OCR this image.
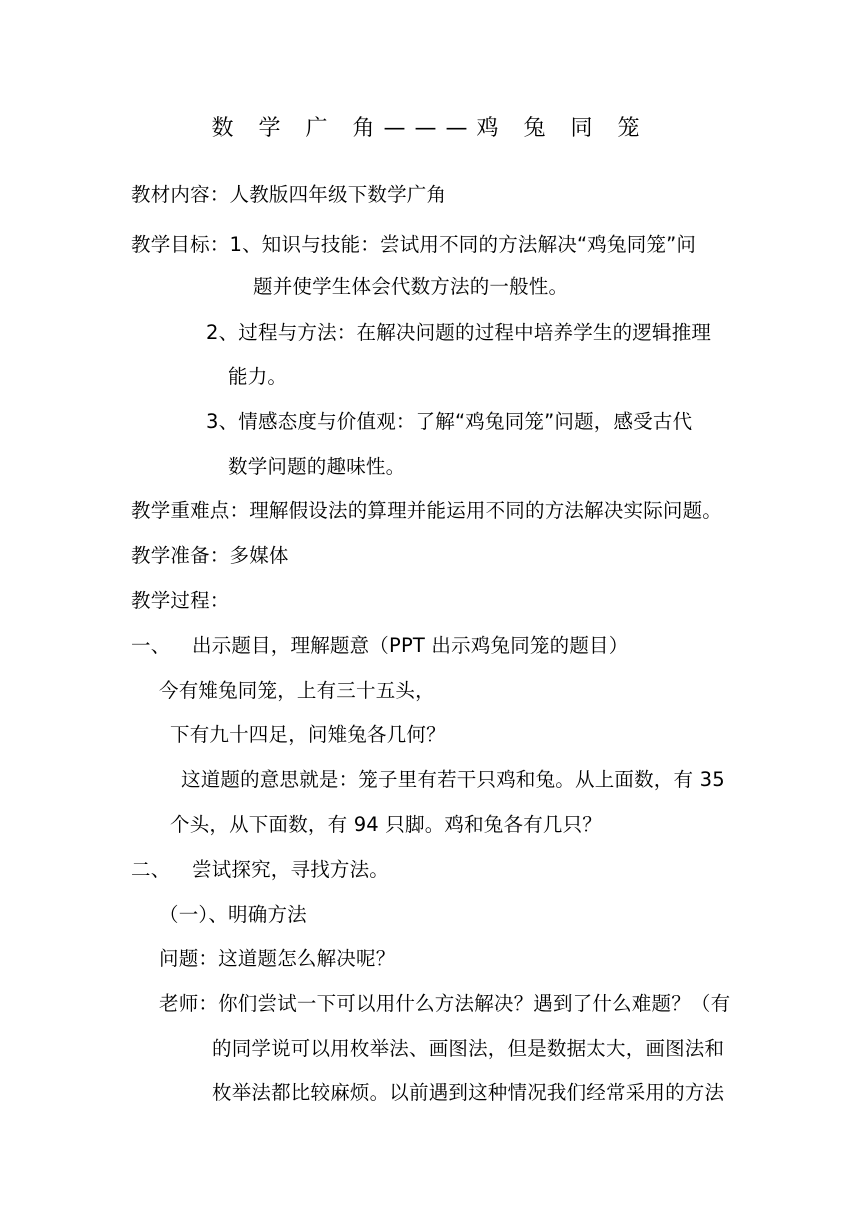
数 学 广 角———鸡 兔 同 笼
教材内容：人教版四年级下数学广角
教学目标：1、知识与技能：尝试用不同的方法解决“鸡兔同笼”问
题并使学生体会代数方法的一般性。
2、过程与方法：在解决问题的过程中培养学生的逻辑推理
能力。
3、情感态度与价值观：了解“鸡兔同笼”问题，感受古代
数学问题的趣味性。
教学重难点：理解假设法的算理并能运用不同的方法解决实际问题。
教学准备：多媒体
教学过程：
一、 出示题目，理解题意（PPT 出示鸡兔同笼的题目）
今有雉兔同笼，上有三十五头，
下有九十四足，问雉兔各几何？
这道题的意思就是：笼子里有若干只鸡和兔。从上面数，有 35
个头，从下面数，有 94 只脚。鸡和兔各有几只？
二、 尝试探究，寻找方法。
（一）、明确方法
问题：这道题怎么解决呢？
老师：你们尝试一下可以用什么方法解决？遇到了什么难题？（有
的同学说可以用枚举法、画图法，但是数据太大，画图法和
枚举法都比较麻烦。以前遇到这种情况我们经常采用的方法
